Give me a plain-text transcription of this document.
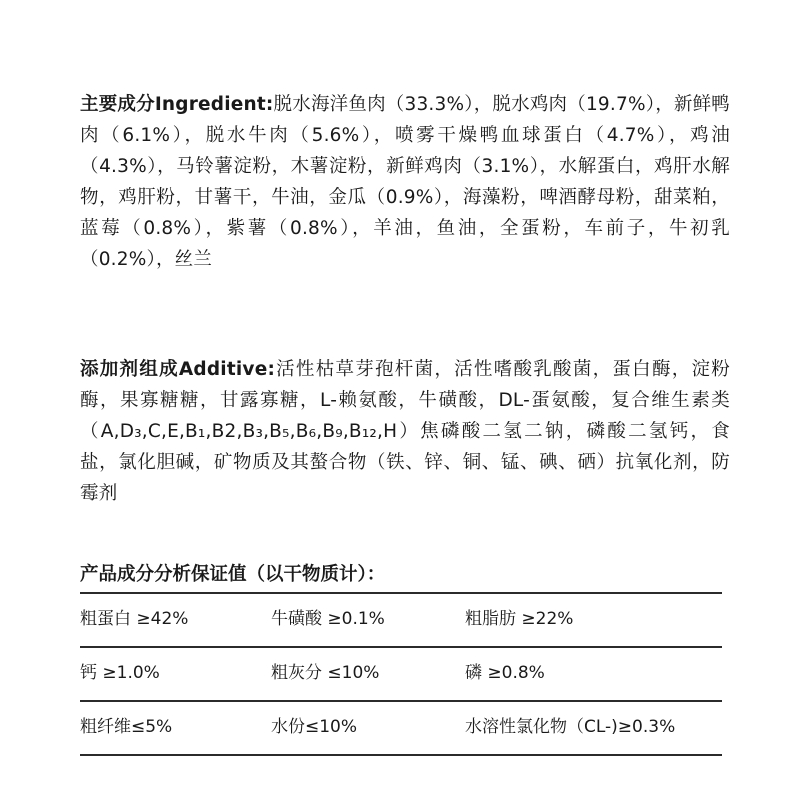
主要成分Ingredient:脱水海洋鱼肉（33.3%），脱水鸡肉（19.7%），新鲜鸭肉（6.1%），脱水牛肉（5.6%），喷雾干燥鸭血球蛋白（4.7%），鸡油（4.3%），马铃薯淀粉，木薯淀粉，新鲜鸡肉（3.1%），水解蛋白，鸡肝水解物，鸡肝粉，甘薯干，牛油，金瓜（0.9%），海藻粉，啤酒酵母粉，甜菜粕，蓝莓（0.8%），紫薯（0.8%），羊油，鱼油，全蛋粉，车前子，牛初乳（0.2%），丝兰
添加剂组成Additive:活性枯草芽孢杆菌，活性嗜酸乳酸菌，蛋白酶，淀粉酶，果寡糖糖，甘露寡糖，L-赖氨酸，牛磺酸，DL-蛋氨酸，复合维生素类（A,D₃,C,E,B₁,B2,B₃,B₅,B₆,B₉,B₁₂,H）焦磷酸二氢二钠，磷酸二氢钙，食盐，氯化胆碱，矿物质及其螯合物（铁、锌、铜、锰、碘、硒）抗氧化剂，防霉剂
产品成分分析保证值（以干物质计）：
粗蛋白 ≥42%	牛磺酸 ≥0.1%	粗脂肪 ≥22%
钙 ≥1.0%	粗灰分 ≤10%	磷 ≥0.8%
粗纤维≤5%	水份≤10%	水溶性氯化物（CL-)≥0.3%
